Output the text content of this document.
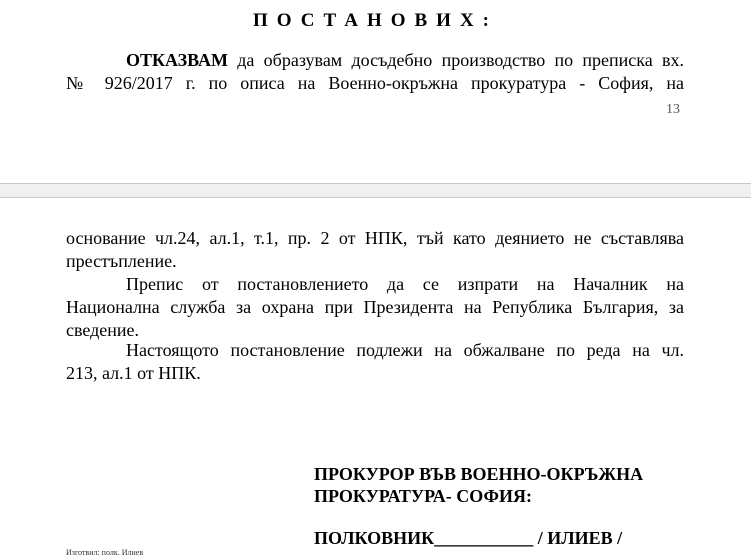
ПОСТАНОВИХ:
ОТКАЗВАМ да образувам досъдебно производство по преписка вх.
№ 926/2017 г. по описа на Военно-окръжна прокуратура - София, на
13
основание чл.24, ал.1, т.1, пр. 2 от НПК, тъй като деянието не съставлява
престъпление.
Препис от постановлението да се изпрати на Началник на
Национална служба за охрана при Президента на Република България, за
сведение.
Настоящото постановление подлежи на обжалване по реда на чл.
213, ал.1 от НПК.
ПРОКУРОР ВЪВ ВОЕННО-ОКРЪЖНА
ПРОКУРАТУРА- СОФИЯ:
ПОЛКОВНИК___________ / ИЛИЕВ /
Изготвил: полк. Илиев
